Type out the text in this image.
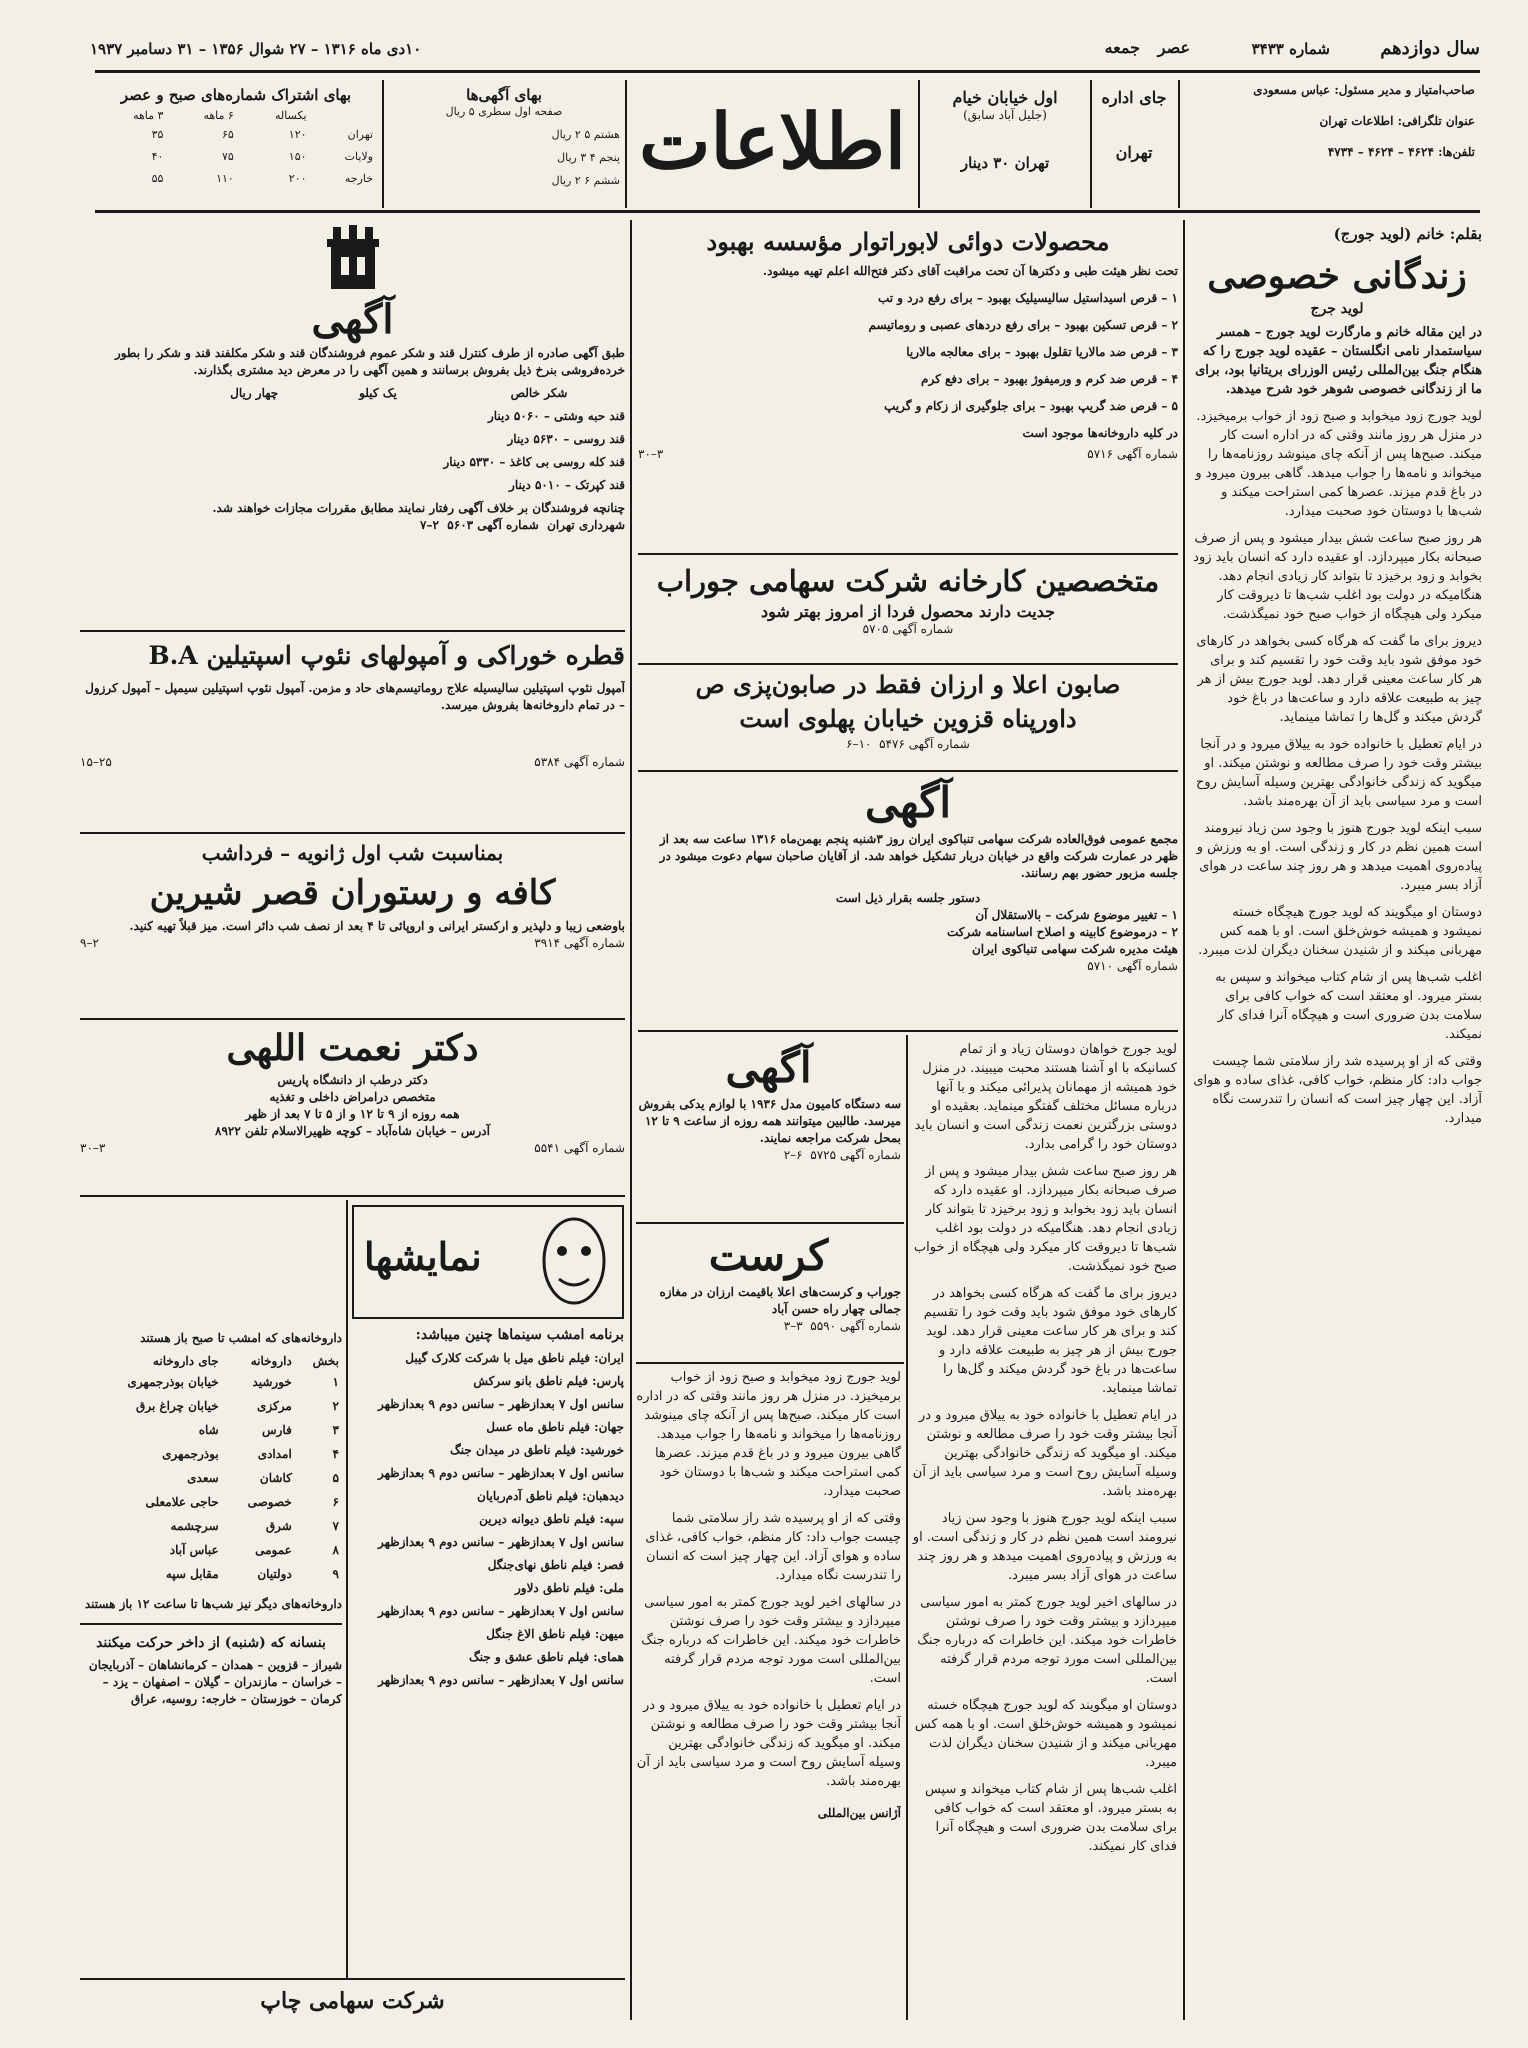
سال دوازدهم
شماره ۳۴۳۳
عصر
جمعه
۱۰دی ماه ۱۳۱۶ – ۲۷ شوال ۱۳۵۶ – ۳۱ دسامبر ۱۹۳۷
صاحب‌امتیاز و مدیر مسئول: عباس مسعودی
عنوان تلگرافی: اطلاعات تهران
تلفن‌ها: ۴۶۲۴ – ۴۶۲۴ – ۴۷۳۴
جای اداره
تهران
اول خیابان خیام
(جلیل آباد سابق)
تهران ۳۰ دینار
اطلاعات
بهای آگهی‌ها
صفحه اول سطری ۵ ریال
هشتم ۵ ۲ ریال
پنجم ۴ ۳ ریال
ششم ۶ ۲ ریال
بهای اشتراک شماره‌های صبح و عصر
	یکساله	۶ ماهه	۳ ماهه
تهران	۱۲۰	۶۵	۳۵
ولایات	۱۵۰	۷۵	۴۰
خارجه	۲۰۰	۱۱۰	۵۵
بقلم: خانم (لوید جورج)
زندگانی خصوصی
لوید جرج
در این مقاله خانم و مارگارت لوید جورج – همسر سیاستمدار نامی انگلستان – عقیده لوید جورج را که هنگام جنگ بین‌المللی رئیس الوزرای بریتانیا بود، برای ما از زندگانی خصوصی شوهر خود شرح میدهد.
لوید جورج زود میخوابد و صبح زود از خواب برمیخیزد. در منزل هر روز مانند وقتی که در اداره است کار میکند. صبح‌ها پس از آنکه چای مینوشد روزنامه‌ها را میخواند و نامه‌ها را جواب میدهد. گاهی بیرون میرود و در باغ قدم میزند. عصرها کمی استراحت میکند و شب‌ها با دوستان خود صحبت میدارد.
هر روز صبح ساعت شش بیدار میشود و پس از صرف صبحانه بکار میپردازد. او عقیده دارد که انسان باید زود بخوابد و زود برخیزد تا بتواند کار زیادی انجام دهد. هنگامیکه در دولت بود اغلب شب‌ها تا دیروقت کار میکرد ولی هیچگاه از خواب صبح خود نمیگذشت.
دیروز برای ما گفت که هرگاه کسی بخواهد در کارهای خود موفق شود باید وقت خود را تقسیم کند و برای هر کار ساعت معینی قرار دهد. لوید جورج بیش از هر چیز به طبیعت علاقه دارد و ساعت‌ها در باغ خود گردش میکند و گل‌ها را تماشا مینماید.
در ایام تعطیل با خانواده خود به ییلاق میرود و در آنجا بیشتر وقت خود را صرف مطالعه و نوشتن میکند. او میگوید که زندگی خانوادگی بهترین وسیله آسایش روح است و مرد سیاسی باید از آن بهره‌مند باشد.
سبب اینکه لوید جورج هنوز با وجود سن زیاد نیرومند است همین نظم در کار و زندگی است. او به ورزش و پیاده‌روی اهمیت میدهد و هر روز چند ساعت در هوای آزاد بسر میبرد.
دوستان او میگویند که لوید جورج هیچگاه خسته نمیشود و همیشه خوش‌خلق است. او با همه کس مهربانی میکند و از شنیدن سخنان دیگران لذت میبرد.
اغلب شب‌ها پس از شام کتاب میخواند و سپس به بستر میرود. او معتقد است که خواب کافی برای سلامت بدن ضروری است و هیچگاه آنرا فدای کار نمیکند.
وقتی که از او پرسیده شد راز سلامتی شما چیست جواب داد: کار منظم، خواب کافی، غذای ساده و هوای آزاد. این چهار چیز است که انسان را تندرست نگاه میدارد.
محصولات دوائی لابوراتوار مؤسسه بهبود
تحت نظر هیئت طبی و دکترها آن تحت مراقبت آقای دکتر فتح‌الله اعلم تهیه میشود.
۱ – قرص اسیداستیل سالیسیلیک بهبود – برای رفع درد و تب
۲ – قرص تسکین بهبود – برای رفع دردهای عصبی و روماتیسم
۳ – قرص ضد مالاریا تقلول بهبود – برای معالجه مالاریا
۴ – قرص ضد کرم و ورمیفوژ بهبود – برای دفع کرم
۵ – قرص ضد گریپ بهبود – برای جلوگیری از زکام و گریپ
در کلیه داروخانه‌ها موجود است
شماره آگهی ۵۷۱۶
۳–۳۰
متخصصین کارخانه شرکت سهامی جوراب
جدیت دارند محصول فردا از امروز بهتر شود
شماره آگهی ۵۷۰۵
صابون اعلا و ارزان فقط در صابون‌پزی ص
داورپناه قزوین خیابان پهلوی است
شماره آگهی ۵۴۷۶  ۱۰–۶
آگهی
مجمع عمومی فوق‌العاده شرکت سهامی تنباکوی ایران روز ۳شنبه پنجم بهمن‌ماه ۱۳۱۶ ساعت سه بعد از ظهر در عمارت شرکت واقع در خیابان دربار تشکیل خواهد شد. از آقایان صاحبان سهام دعوت میشود در جلسه مزبور حضور بهم رسانند.
دستور جلسه بقرار ذیل است
۱ – تغییر موضوع شرکت – بالاستقلال آن
۲ – درموضوع کابینه و اصلاح اساسنامه شرکت
هیئت مدیره شرکت سهامی تنباکوی ایران
شماره آگهی ۵۷۱۰
لوید جورج خواهان دوستان زیاد و از تمام کسانیکه با او آشنا هستند محبت میبیند. در منزل خود همیشه از مهمانان پذیرائی میکند و با آنها درباره مسائل مختلف گفتگو مینماید. بعقیده او دوستی بزرگترین نعمت زندگی است و انسان باید دوستان خود را گرامی بدارد.
هر روز صبح ساعت شش بیدار میشود و پس از صرف صبحانه بکار میپردازد. او عقیده دارد که انسان باید زود بخوابد و زود برخیزد تا بتواند کار زیادی انجام دهد. هنگامیکه در دولت بود اغلب شب‌ها تا دیروقت کار میکرد ولی هیچگاه از خواب صبح خود نمیگذشت.
دیروز برای ما گفت که هرگاه کسی بخواهد در کارهای خود موفق شود باید وقت خود را تقسیم کند و برای هر کار ساعت معینی قرار دهد. لوید جورج بیش از هر چیز به طبیعت علاقه دارد و ساعت‌ها در باغ خود گردش میکند و گل‌ها را تماشا مینماید.
در ایام تعطیل با خانواده خود به ییلاق میرود و در آنجا بیشتر وقت خود را صرف مطالعه و نوشتن میکند. او میگوید که زندگی خانوادگی بهترین وسیله آسایش روح است و مرد سیاسی باید از آن بهره‌مند باشد.
سبب اینکه لوید جورج هنوز با وجود سن زیاد نیرومند است همین نظم در کار و زندگی است. او به ورزش و پیاده‌روی اهمیت میدهد و هر روز چند ساعت در هوای آزاد بسر میبرد.
در سالهای اخیر لوید جورج کمتر به امور سیاسی میپردازد و بیشتر وقت خود را صرف نوشتن خاطرات خود میکند. این خاطرات که درباره جنگ بین‌المللی است مورد توجه مردم قرار گرفته است.
دوستان او میگویند که لوید جورج هیچگاه خسته نمیشود و همیشه خوش‌خلق است. او با همه کس مهربانی میکند و از شنیدن سخنان دیگران لذت میبرد.
اغلب شب‌ها پس از شام کتاب میخواند و سپس به بستر میرود. او معتقد است که خواب کافی برای سلامت بدن ضروری است و هیچگاه آنرا فدای کار نمیکند.
آگهی
سه دستگاه کامیون مدل ۱۹۳۶ با لوازم یدکی بفروش میرسد. طالبین میتوانند همه روزه از ساعت ۹ تا ۱۲ بمحل شرکت مراجعه نمایند.
شماره آگهی ۵۷۲۵  ۶–۲
کرست
جوراب و کرست‌های اعلا باقیمت ارزان در مغازه جمالی چهار راه حسن آباد
شماره آگهی ۵۵۹۰  ۳–۳
لوید جورج زود میخوابد و صبح زود از خواب برمیخیزد. در منزل هر روز مانند وقتی که در اداره است کار میکند. صبح‌ها پس از آنکه چای مینوشد روزنامه‌ها را میخواند و نامه‌ها را جواب میدهد. گاهی بیرون میرود و در باغ قدم میزند. عصرها کمی استراحت میکند و شب‌ها با دوستان خود صحبت میدارد.
وقتی که از او پرسیده شد راز سلامتی شما چیست جواب داد: کار منظم، خواب کافی، غذای ساده و هوای آزاد. این چهار چیز است که انسان را تندرست نگاه میدارد.
در سالهای اخیر لوید جورج کمتر به امور سیاسی میپردازد و بیشتر وقت خود را صرف نوشتن خاطرات خود میکند. این خاطرات که درباره جنگ بین‌المللی است مورد توجه مردم قرار گرفته است.
در ایام تعطیل با خانواده خود به ییلاق میرود و در آنجا بیشتر وقت خود را صرف مطالعه و نوشتن میکند. او میگوید که زندگی خانوادگی بهترین وسیله آسایش روح است و مرد سیاسی باید از آن بهره‌مند باشد.
آژانس بین‌المللی
آگهی
طبق آگهی صادره از طرف کنترل قند و شکر عموم فروشندگان قند و شکر مکلفند قند و شکر را بطور خرده‌فروشی بنرخ ذیل بفروش برسانند و همین آگهی را در معرض دید مشتری بگذارند.
شکر خالص	یک کیلو	چهار ریال
قند حبه وشتی – ۵۰۶۰ دینار
قند روسی – ۵۶۳۰ دینار
قند کله روسی بی کاغذ – ۵۳۳۰ دینار
قند کپرتک – ۵۰۱۰ دینار
چنانچه فروشندگان بر خلاف آگهی رفتار نمایند مطابق مقررات مجازات خواهند شد.
شهرداری تهران  شماره آگهی ۵۶۰۳  ۲–۷
قطره خوراکی و آمپولهای نئوپ اسپتیلین B.A
آمپول نئوپ اسپتیلین سالیسیله علاج روماتیسم‌های حاد و مزمن. آمپول نئوپ اسپتیلین سیمپل – آمپول کرزول – در تمام داروخانه‌ها بفروش میرسد.
شماره آگهی ۵۳۸۴
۲۵–۱۵
بمناسبت شب اول ژانویه – فرداشب
کافه و رستوران قصر شیرین
باوضعی زیبا و دلپذیر و ارکستر ایرانی و اروپائی تا ۴ بعد از نصف شب دائر است. میز قبلاً تهیه کنید.
شماره آگهی ۳۹۱۴
۲–۹
دکتر نعمت اللهی
دکتر درطب از دانشگاه پاریس
متخصص درامراض داخلی و تغذیه
همه روزه از ۹ تا ۱۲ و از ۵ تا ۷ بعد از ظهر
آدرس – خیابان شاه‌آباد – کوچه ظهیرالاسلام تلفن ۸۹۲۲
شماره آگهی ۵۵۴۱
۳–۳۰
نمایشها
برنامه امشب سینماها چنین میباشد:
ایران: فیلم ناطق میل با شرکت کلارک گیبل
پارس: فیلم ناطق بانو سرکش
سانس اول ۷ بعدازظهر – سانس دوم ۹ بعدازظهر
جهان: فیلم ناطق ماه عسل
خورشید: فیلم ناطق در میدان جنگ
سانس اول ۷ بعدازظهر – سانس دوم ۹ بعدازظهر
دیدهبان: فیلم ناطق آدم‌ربایان
سپه: فیلم ناطق دیوانه دیرین
سانس اول ۷ بعدازظهر – سانس دوم ۹ بعدازظهر
فصر: فیلم ناطق نهای‌جنگل
ملی: فیلم ناطق دلاور
سانس اول ۷ بعدازظهر – سانس دوم ۹ بعدازظهر
میهن: فیلم ناطق الاغ جنگل
همای: فیلم ناطق عشق و جنگ
سانس اول ۷ بعدازظهر – سانس دوم ۹ بعدازظهر
داروخانه‌های که امشب تا صبح باز هستند
بخش	داروخانه	جای داروخانه
۱	خورشید	خیابان بوذرجمهری
۲	مرکزی	خیابان چراغ برق
۳	فارس	شاه
۴	امدادی	بوذرجمهری
۵	کاشان	سعدی
۶	خصوصی	حاجی علامعلی
۷	شرق	سرچشمه
۸	عمومی	عباس آباد
۹	دولتیان	مقابل سپه
داروخانه‌های دیگر نیز شب‌ها تا ساعت ۱۲ باز هستند
بنسانه که (شنبه) از داخر حرکت میکنند
شیراز – قزوین – همدان – کرمانشاهان – آذربایجان – خراسان – مازندران – گیلان – اصفهان – یزد – کرمان – خوزستان – خارجه: روسیه، عراق
شرکت سهامی چاپ
